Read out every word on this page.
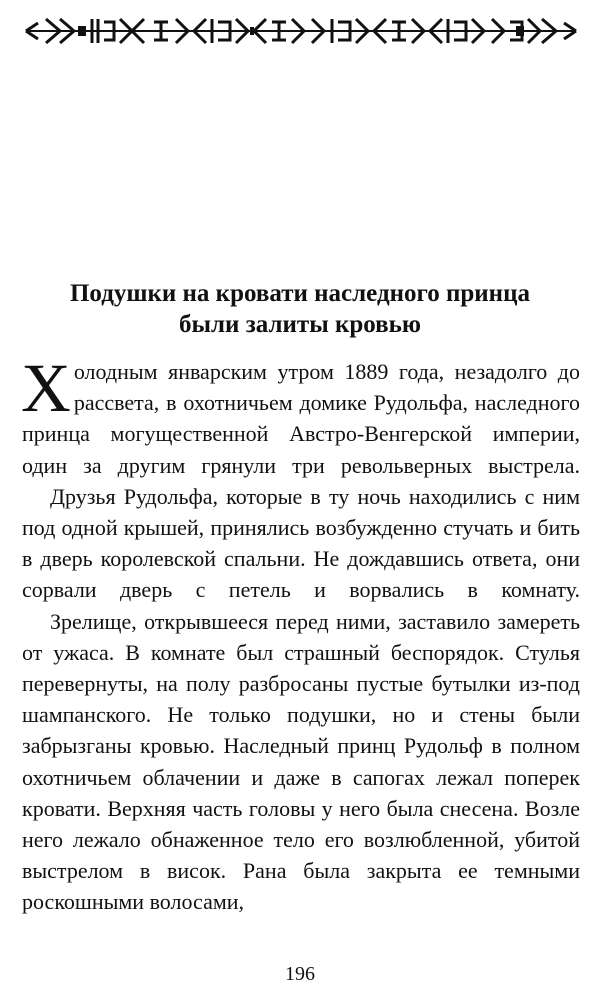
Подушки на кровати наследного принца
были залиты кровью

Холодным январским утром 1889 года, незадолго до рассвета, в охотничьем домике Рудольфа, наследного принца могущественной Австро-Венгерской империи, один за другим грянули три револьверных выстрела.

Друзья Рудольфа, которые в ту ночь находились с ним под одной крышей, принялись возбужденно стучать и бить в дверь королевской спальни. Не дождавшись ответа, они сорвали дверь с петель и ворвались в комнату.

Зрелище, открывшееся перед ними, заставило замереть от ужаса. В комнате был страшный беспорядок. Стулья перевернуты, на полу разбросаны пустые бутылки из-под шампанского. Не только подушки, но и стены были забрызганы кровью. Наследный принц Рудольф в полном охотничьем облачении и даже в сапогах лежал поперек кровати. Верхняя часть головы у него была снесена. Возле него лежало обнаженное тело его возлюбленной, убитой выстрелом в висок. Рана была закрыта ее темными роскошными волосами,

196
